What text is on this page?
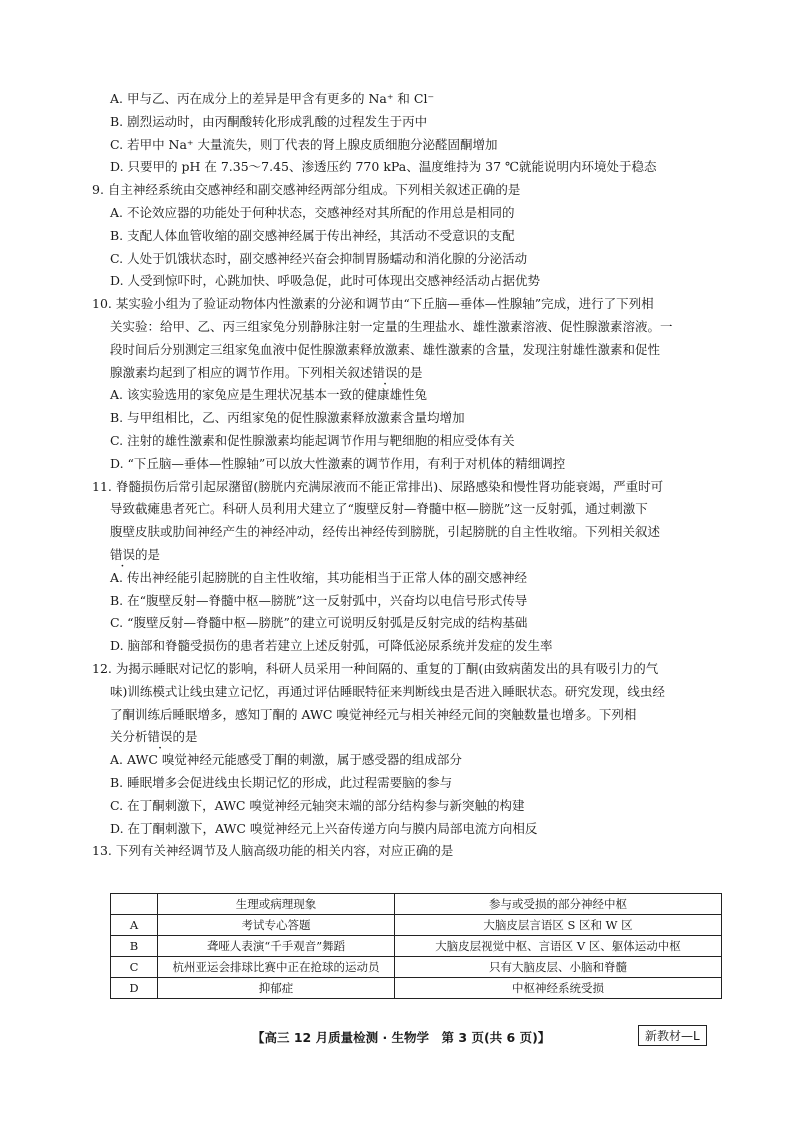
A. 甲与乙、丙在成分上的差异是甲含有更多的 Na⁺ 和 Cl⁻
B. 剧烈运动时，由丙酮酸转化形成乳酸的过程发生于丙中
C. 若甲中 Na⁺ 大量流失，则丁代表的肾上腺皮质细胞分泌醛固酮增加
D. 只要甲的 pH 在 7.35～7.45、渗透压约 770 kPa、温度维持为 37 ℃就能说明内环境处于稳态
9. 自主神经系统由交感神经和副交感神经两部分组成。下列相关叙述正确的是
A. 不论效应器的功能处于何种状态，交感神经对其所配的作用总是相同的
B. 支配人体血管收缩的副交感神经属于传出神经，其活动不受意识的支配
C. 人处于饥饿状态时，副交感神经兴奋会抑制胃肠蠕动和消化腺的分泌活动
D. 人受到惊吓时，心跳加快、呼吸急促，此时可体现出交感神经活动占据优势
10. 某实验小组为了验证动物体内性激素的分泌和调节由“下丘脑—垂体—性腺轴”完成，进行了下列相
关实验：给甲、乙、丙三组家兔分别静脉注射一定量的生理盐水、雄性激素溶液、促性腺激素溶液。一
段时间后分别测定三组家兔血液中促性腺激素释放激素、雄性激素的含量，发现注射雄性激素和促性
腺激素均起到了相应的调节作用。下列相关叙述错误的是
A. 该实验选用的家兔应是生理状况基本一致的健康雄性兔
B. 与甲组相比，乙、丙组家兔的促性腺激素释放激素含量均增加
C. 注射的雄性激素和促性腺激素均能起调节作用与靶细胞的相应受体有关
D. “下丘脑—垂体—性腺轴”可以放大性激素的调节作用，有利于对机体的精细调控
11. 脊髓损伤后常引起尿潴留(膀胱内充满尿液而不能正常排出)、尿路感染和慢性肾功能衰竭，严重时可
导致截瘫患者死亡。科研人员利用犬建立了“腹壁反射—脊髓中枢—膀胱”这一反射弧，通过刺激下
腹壁皮肤或肋间神经产生的神经冲动，经传出神经传到膀胱，引起膀胱的自主性收缩。下列相关叙述
错误的是
A. 传出神经能引起膀胱的自主性收缩，其功能相当于正常人体的副交感神经
B. 在“腹壁反射—脊髓中枢—膀胱”这一反射弧中，兴奋均以电信号形式传导
C. “腹壁反射—脊髓中枢—膀胱”的建立可说明反射弧是反射完成的结构基础
D. 脑部和脊髓受损伤的患者若建立上述反射弧，可降低泌尿系统并发症的发生率
12. 为揭示睡眠对记忆的影响，科研人员采用一种间隔的、重复的丁酮(由致病菌发出的具有吸引力的气
味)训练模式让线虫建立记忆，再通过评估睡眠特征来判断线虫是否进入睡眠状态。研究发现，线虫经
了酮训练后睡眠增多，感知丁酮的 AWC 嗅觉神经元与相关神经元间的突触数量也增多。下列相
关分析错误的是
A. AWC 嗅觉神经元能感受丁酮的刺激，属于感受器的组成部分
B. 睡眠增多会促进线虫长期记忆的形成，此过程需要脑的参与
C. 在丁酮刺激下，AWC 嗅觉神经元轴突末端的部分结构参与新突触的构建
D. 在丁酮刺激下，AWC 嗅觉神经元上兴奋传递方向与膜内局部电流方向相反
13. 下列有关神经调节及人脑高级功能的相关内容，对应正确的是
	生理或病理现象	参与或受损的部分神经中枢
A	考试专心答题	大脑皮层言语区 S 区和 W 区
B	聋哑人表演“千手观音”舞蹈	大脑皮层视觉中枢、言语区 V 区、躯体运动中枢
C	杭州亚运会排球比赛中正在抢球的运动员	只有大脑皮层、小脑和脊髓
D	抑郁症	中枢神经系统受损
【高三 12 月质量检测 · 生物学　第 3 页(共 6 页)】	新教材—L
